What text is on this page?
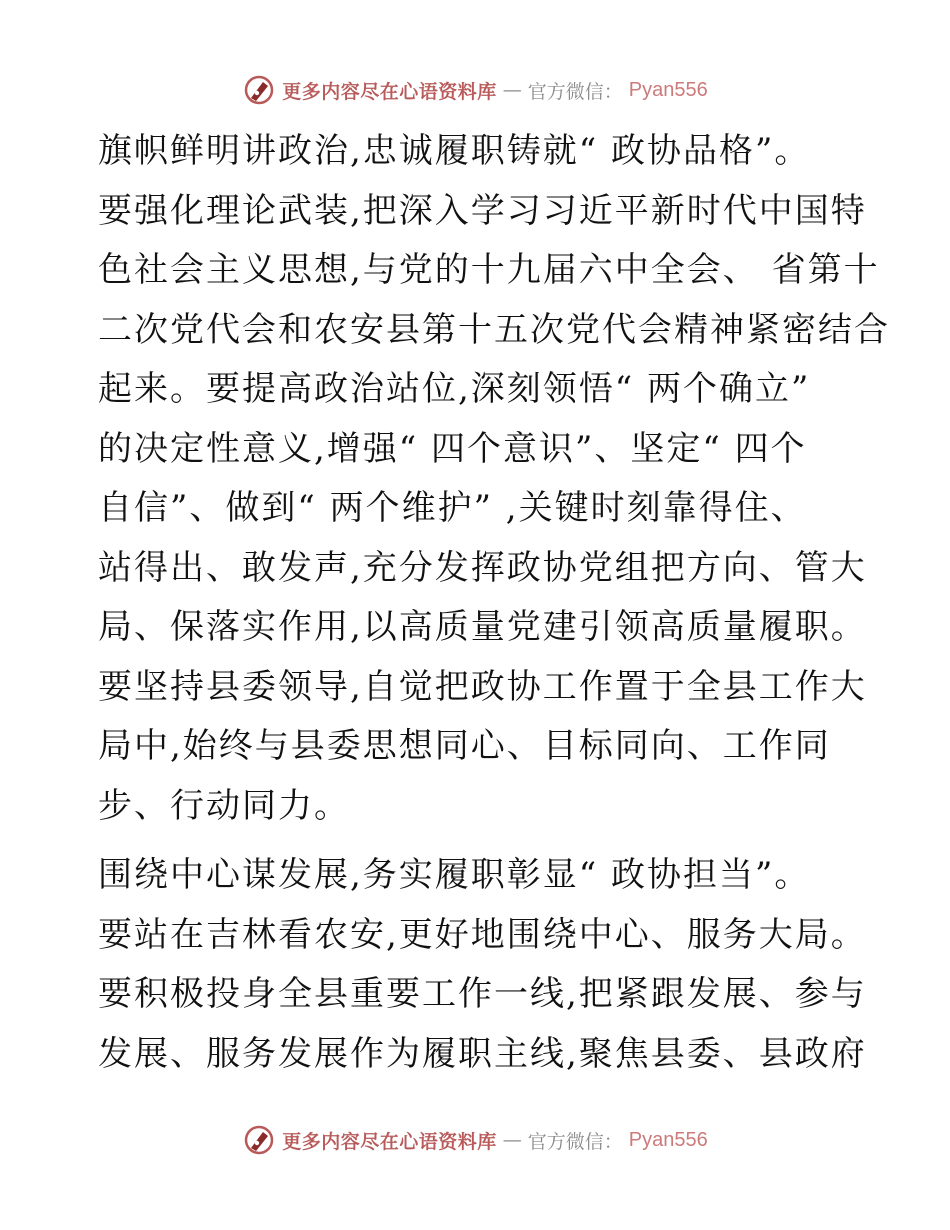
更多内容尽在心语资料库 — 官方微信： Pyan556

旗帜鲜明讲政治,忠诚履职铸就“ 政协品格”。
要强化理论武装,把深入学习习近平新时代中国特
色社会主义思想,与党的十九届六中全会、 省第十
二次党代会和农安县第十五次党代会精神紧密结合
起来。要提高政治站位,深刻领悟“ 两个确立”
的决定性意义,增强“ 四个意识”、坚定“ 四个
自信”、做到“ 两个维护” ,关键时刻靠得住、
站得出、敢发声,充分发挥政协党组把方向、管大
局、保落实作用,以高质量党建引领高质量履职。
要坚持县委领导,自觉把政协工作置于全县工作大
局中,始终与县委思想同心、目标同向、工作同
步、行动同力。

围绕中心谋发展,务实履职彰显“ 政协担当”。
要站在吉林看农安,更好地围绕中心、服务大局。
要积极投身全县重要工作一线,把紧跟发展、参与
发展、服务发展作为履职主线,聚焦县委、县政府

更多内容尽在心语资料库 — 官方微信： Pyan556
